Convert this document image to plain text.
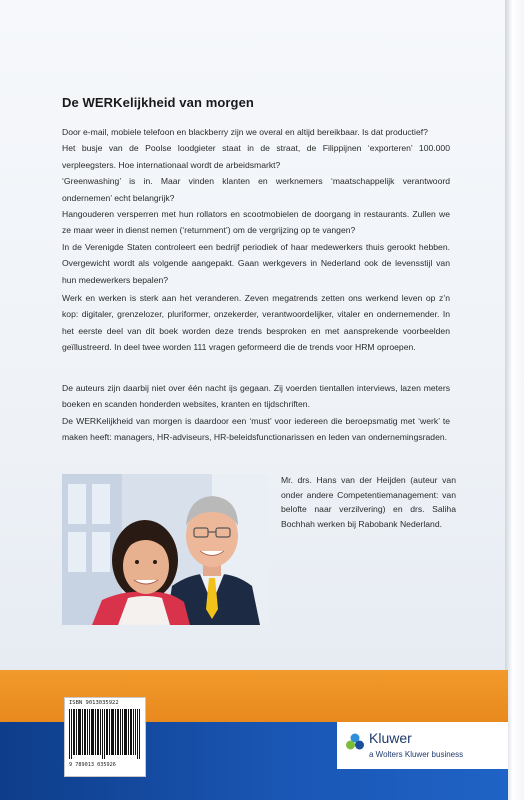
De WERKelijkheid van morgen

Door e-mail, mobiele telefoon en blackberry zijn we overal en altijd bereikbaar. Is dat productief?

Het busje van de Poolse loodgieter staat in de straat, de Filippijnen ‘exporteren’ 100.000 verpleegsters. Hoe internationaal wordt de arbeidsmarkt?

‘Greenwashing’ is in. Maar vinden klanten en werknemers ‘maatschappelijk verantwoord ondernemen’ echt belangrijk?

Hangouderen versperren met hun rollators en scootmobielen de doorgang in restaurants. Zullen we ze maar weer in dienst nemen (‘returnment’) om de vergrijzing op te vangen?

In de Verenigde Staten controleert een bedrijf periodiek of haar medewerkers thuis gerookt hebben. Overgewicht wordt als volgende aangepakt. Gaan werkgevers in Nederland ook de levensstijl van hun medewerkers bepalen?

Werk en werken is sterk aan het veranderen. Zeven megatrends zetten ons werkend leven op z’n kop: digitaler, grenzelozer, pluriformer, onzekerder, verantwoordelijker, vitaler en ondernemender. In het eerste deel van dit boek worden deze trends besproken en met aansprekende voorbeelden geïllustreerd. In deel twee worden 111 vragen geformeerd die de trends voor HRM oproepen.

De auteurs zijn daarbij niet over één nacht ijs gegaan. Zij voerden tientallen interviews, lazen meters boeken en scanden honderden websites, kranten en tijdschriften.

De WERKelijkheid van morgen is daardoor een ‘must’ voor iedereen die beroepsmatig met ‘werk’ te maken heeft: managers, HR-adviseurs, HR-beleidsfunctionarissen en leden van ondernemingsraden.

Mr. drs. Hans van der Heijden (auteur van onder andere Competentiemanagement: van belofte naar verzilvering) en drs. Saliha Bochhah werken bij Rabobank Nederland.
ISBN 9013035922
9 789013 035926
Kluwer
a Wolters Kluwer business
